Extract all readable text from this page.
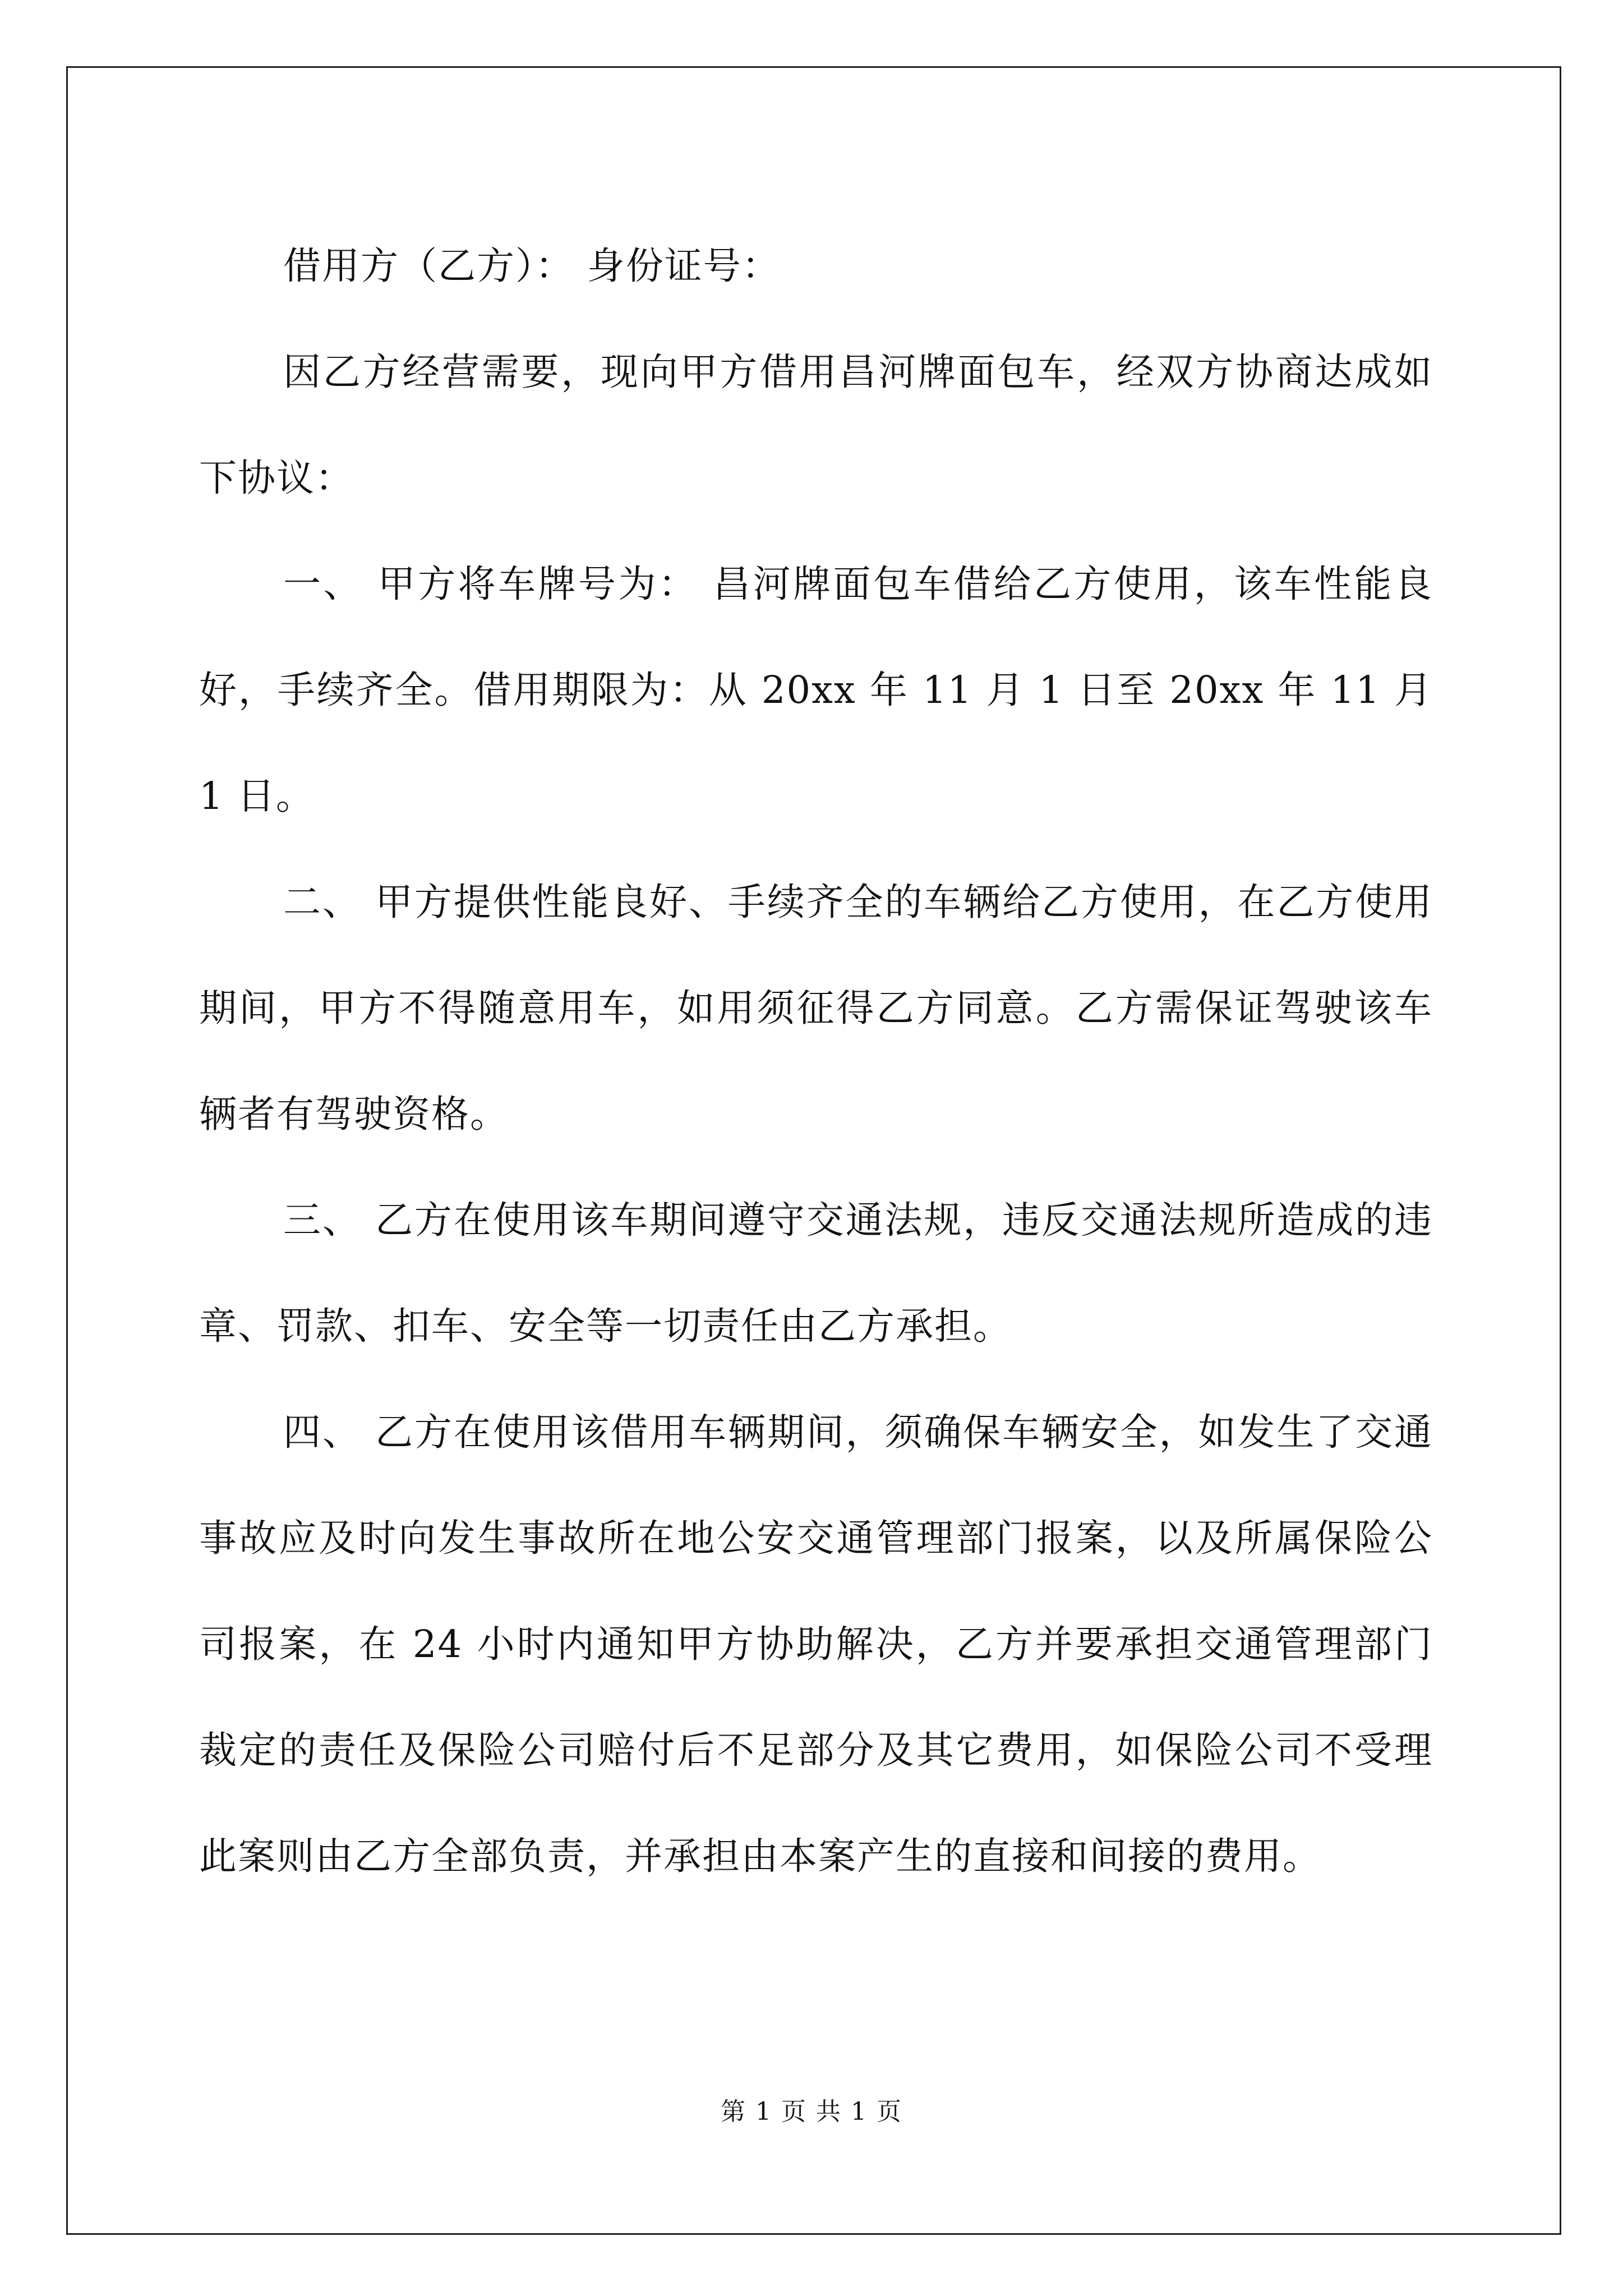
借用方（乙方）： 身份证号：

因乙方经营需要，现向甲方借用昌河牌面包车，经双方协商达成如下协议：

一、 甲方将车牌号为： 昌河牌面包车借给乙方使用，该车性能良好，手续齐全。借用期限为：从 20xx 年 11 月 1 日至 20xx 年 11 月 1 日。

二、 甲方提供性能良好、手续齐全的车辆给乙方使用，在乙方使用期间，甲方不得随意用车，如用须征得乙方同意。乙方需保证驾驶该车辆者有驾驶资格。

三、 乙方在使用该车期间遵守交通法规，违反交通法规所造成的违章、罚款、扣车、安全等一切责任由乙方承担。

四、 乙方在使用该借用车辆期间，须确保车辆安全，如发生了交通事故应及时向发生事故所在地公安交通管理部门报案，以及所属保险公司报案，在 24 小时内通知甲方协助解决，乙方并要承担交通管理部门裁定的责任及保险公司赔付后不足部分及其它费用，如保险公司不受理此案则由乙方全部负责，并承担由本案产生的直接和间接的费用。

第 1 页 共 1 页
